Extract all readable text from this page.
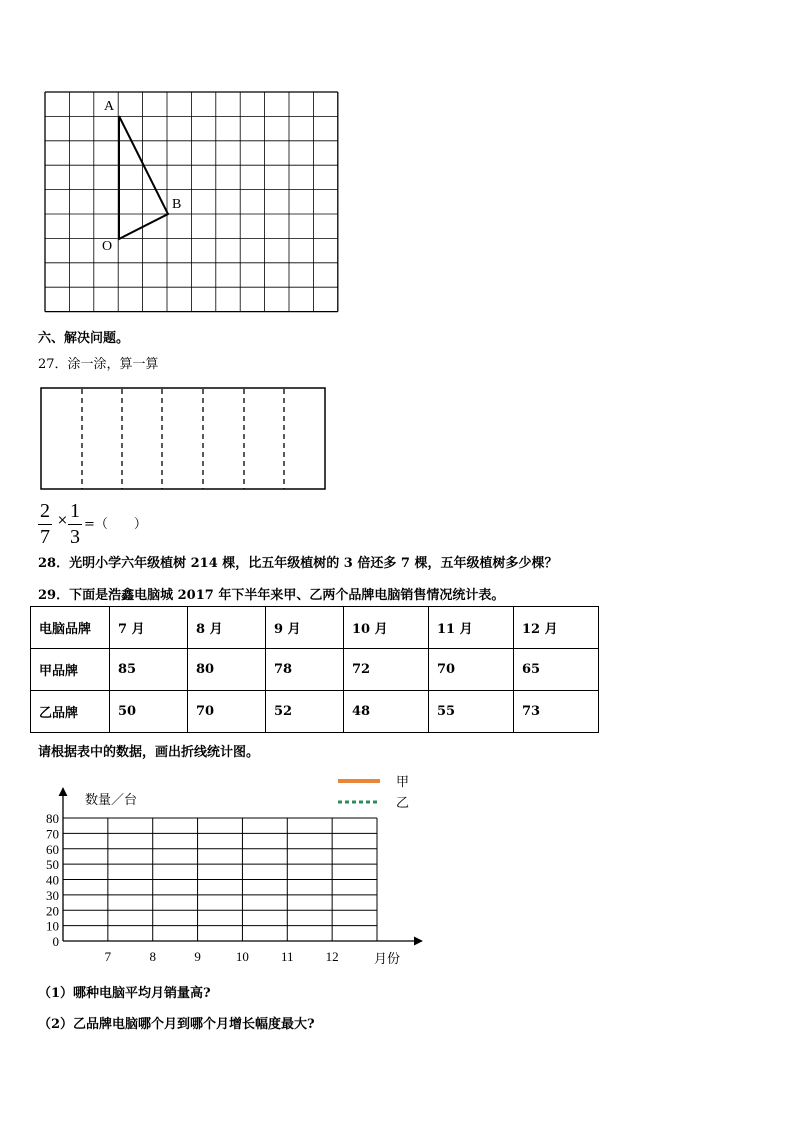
A
B
O
六、解决问题。
27．涂一涂，算一算
2
7
× 1
3
=（　　）
28．光明小学六年级植树 214 棵，比五年级植树的 3 倍还多 7 棵，五年级植树多少棵？
29．下面是浩鑫电脑城 2017 年下半年来甲、乙两个品牌电脑销售情况统计表。
电脑品牌	7 月	8 月	9 月	10 月	11 月	12 月
甲品牌	85	80	78	72	70	65
乙品牌	50	70	52	48	55	73
请根据表中的数据，画出折线统计图。
甲
乙
0
10
20
30
40
50
60
70
80
7	8	9	10 11 12
数量／台
月份
（1）哪种电脑平均月销量高?
（2）乙品牌电脑哪个月到哪个月增长幅度最大?
